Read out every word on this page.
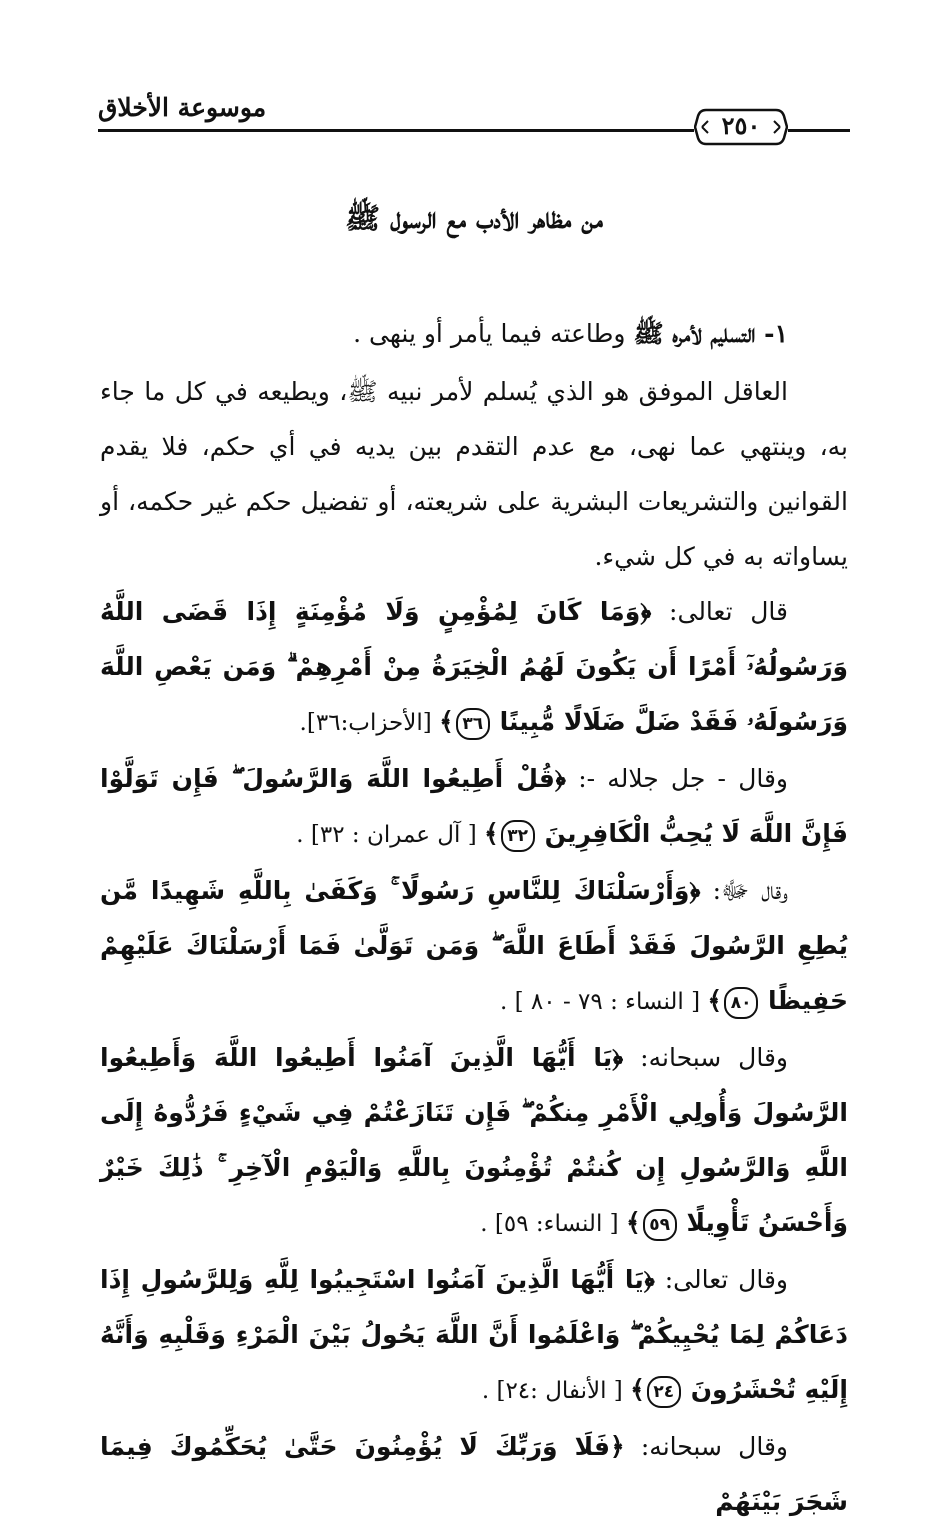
٢٥٠
موسوعة الأخلاق
من مظاهر الأدب مع الرسول ﷺ

١- التسليم لأمره ﷺ وطاعته فيما يأمر أو ينهى .

العاقل الموفق هو الذي يُسلم لأمر نبيه ﷺ، ويطيعه في كل ما جاء به، وينتهي عما نهى، مع عدم التقدم بين يديه في أي حكم، فلا يقدم القوانين والتشريعات البشرية على شريعته، أو تفضيل حكم غير حكمه، أو يساواته به في كل شيء.

قال تعالى: ﴿وَمَا كَانَ لِمُؤْمِنٍ وَلَا مُؤْمِنَةٍ إِذَا قَضَى اللَّهُ وَرَسُولُهُۥٓ أَمْرًا أَن يَكُونَ لَهُمُ الْخِيَرَةُ مِنْ أَمْرِهِمْ ۗ وَمَن يَعْصِ اللَّهَ وَرَسُولَهُۥ فَقَدْ ضَلَّ ضَلَالًا مُّبِينًا ٣٦﴾ [الأحزاب:٣٦].

وقال - جل جلاله -: ﴿قُلْ أَطِيعُوا اللَّهَ وَالرَّسُولَ ۖ فَإِن تَوَلَّوْا فَإِنَّ اللَّهَ لَا يُحِبُّ الْكَافِرِينَ ٣٢﴾ [ آل عمران : ٣٢] .

وقال ﷻ: ﴿وَأَرْسَلْنَاكَ لِلنَّاسِ رَسُولًا ۚ وَكَفَىٰ بِاللَّهِ شَهِيدًا مَّن يُطِعِ الرَّسُولَ فَقَدْ أَطَاعَ اللَّهَ ۖ وَمَن تَوَلَّىٰ فَمَا أَرْسَلْنَاكَ عَلَيْهِمْ حَفِيظًا ٨٠﴾ [ النساء : ٧٩ - ٨٠ ] .

وقال سبحانه: ﴿يَا أَيُّهَا الَّذِينَ آمَنُوا أَطِيعُوا اللَّهَ وَأَطِيعُوا الرَّسُولَ وَأُولِي الْأَمْرِ مِنكُمْ ۖ فَإِن تَنَازَعْتُمْ فِي شَيْءٍ فَرُدُّوهُ إِلَى اللَّهِ وَالرَّسُولِ إِن كُنتُمْ تُؤْمِنُونَ بِاللَّهِ وَالْيَوْمِ الْآخِرِ ۚ ذَٰلِكَ خَيْرٌ وَأَحْسَنُ تَأْوِيلًا ٥٩﴾ [ النساء: ٥٩] .

وقال تعالى: ﴿يَا أَيُّهَا الَّذِينَ آمَنُوا اسْتَجِيبُوا لِلَّهِ وَلِلرَّسُولِ إِذَا دَعَاكُمْ لِمَا يُحْيِيكُمْ ۖ وَاعْلَمُوا أَنَّ اللَّهَ يَحُولُ بَيْنَ الْمَرْءِ وَقَلْبِهِ وَأَنَّهُ إِلَيْهِ تُحْشَرُونَ ٢٤﴾ [ الأنفال :٢٤] .

وقال سبحانه: ﴿فَلَا وَرَبِّكَ لَا يُؤْمِنُونَ حَتَّىٰ يُحَكِّمُوكَ فِيمَا شَجَرَ بَيْنَهُمْ
